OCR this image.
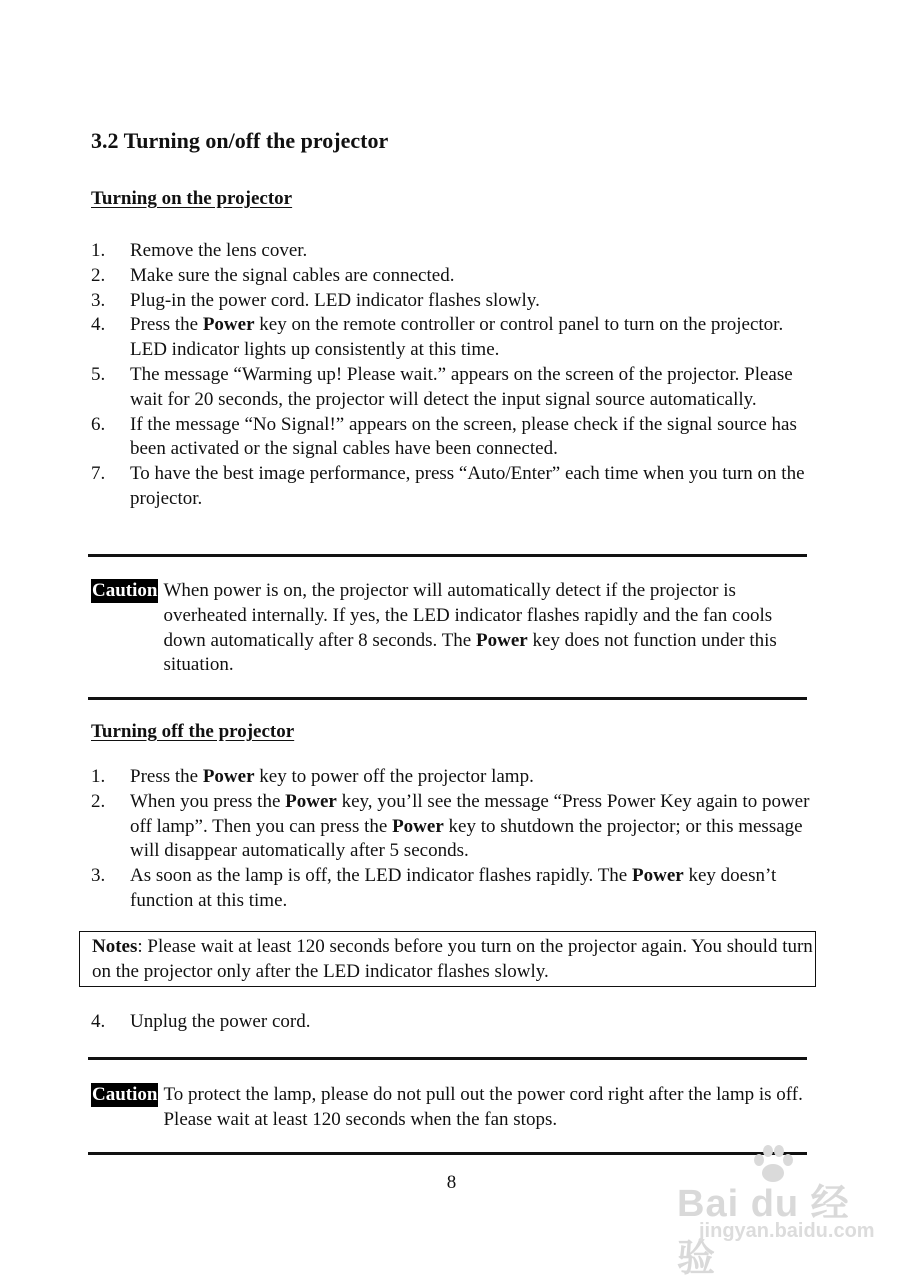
3.2 Turning on/off the projector
Turning on the projector
1. Remove the lens cover.
2. Make sure the signal cables are connected.
3. Plug-in the power cord. LED indicator flashes slowly.
4. Press the Power key on the remote controller or control panel to turn on the projector. LED indicator lights up consistently at this time.
5. The message “Warming up! Please wait.” appears on the screen of the projector. Please wait for 20 seconds, the projector will detect the input signal source automatically.
6. If the message “No Signal!” appears on the screen, please check if the signal source has been activated or the signal cables have been connected.
7. To have the best image performance, press “Auto/Enter” each time when you turn on the projector.
Caution When power is on, the projector will automatically detect if the projector is overheated internally. If yes, the LED indicator flashes rapidly and the fan cools down automatically after 8 seconds. The Power key does not function under this situation.
Turning off the projector
1. Press the Power key to power off the projector lamp.
2. When you press the Power key, you’ll see the message “Press Power Key again to power off lamp”. Then you can press the Power key to shutdown the projector; or this message will disappear automatically after 5 seconds.
3. As soon as the lamp is off, the LED indicator flashes rapidly. The Power key doesn’t function at this time.
Notes: Please wait at least 120 seconds before you turn on the projector again. You should turn on the projector only after the LED indicator flashes slowly.
4. Unplug the power cord.
Caution To protect the lamp, please do not pull out the power cord right after the lamp is off. Please wait at least 120 seconds when the fan stops.
8
Bai du 经验
jingyan.baidu.com
